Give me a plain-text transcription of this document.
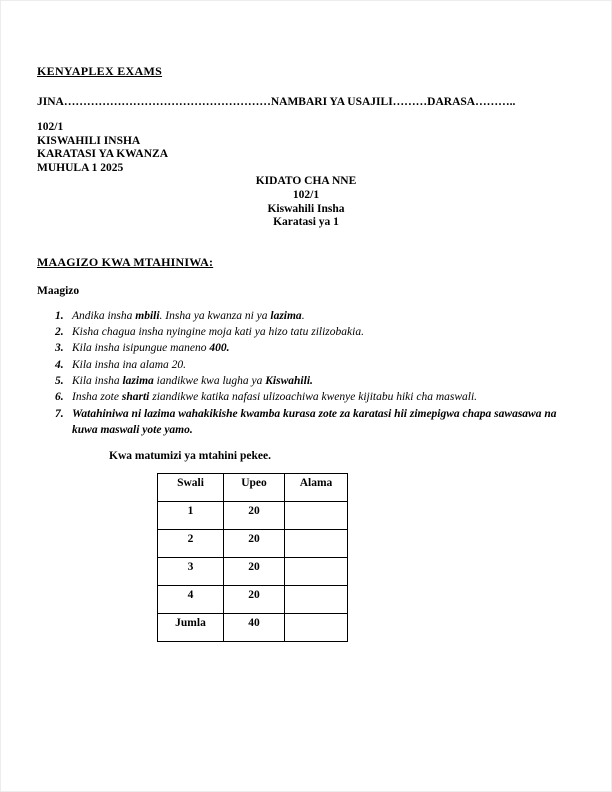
KENYAPLEX EXAMS
JINA………………………………………………NAMBARI YA USAJILI………DARASA………..
102/1
KISWAHILI INSHA
KARATASI YA KWANZA
MUHULA 1 2025
KIDATO CHA NNE
102/1
Kiswahili Insha
Karatasi ya 1
MAAGIZO KWA MTAHINIWA:
Maagizo
1. Andika insha mbili. Insha ya kwanza ni ya lazima.
2. Kisha chagua insha nyingine moja kati ya hizo tatu zilizobakia.
3. Kila insha isipungue maneno 400.
4. Kila insha ina alama 20.
5. Kila insha lazima iandikwe kwa lugha ya Kiswahili.
6. Insha zote sharti ziandikwe katika nafasi ulizoachiwa kwenye kijitabu hiki cha maswali.
7. Watahiniwa ni lazima wahakikishe kwamba kurasa zote za karatasi hii zimepigwa chapa sawasawa na kuwa maswali yote yamo.
Kwa matumizi ya mtahini pekee.
Swali	Upeo	Alama
1	20	
2	20	
3	20	
4	20	
Jumla	40	
